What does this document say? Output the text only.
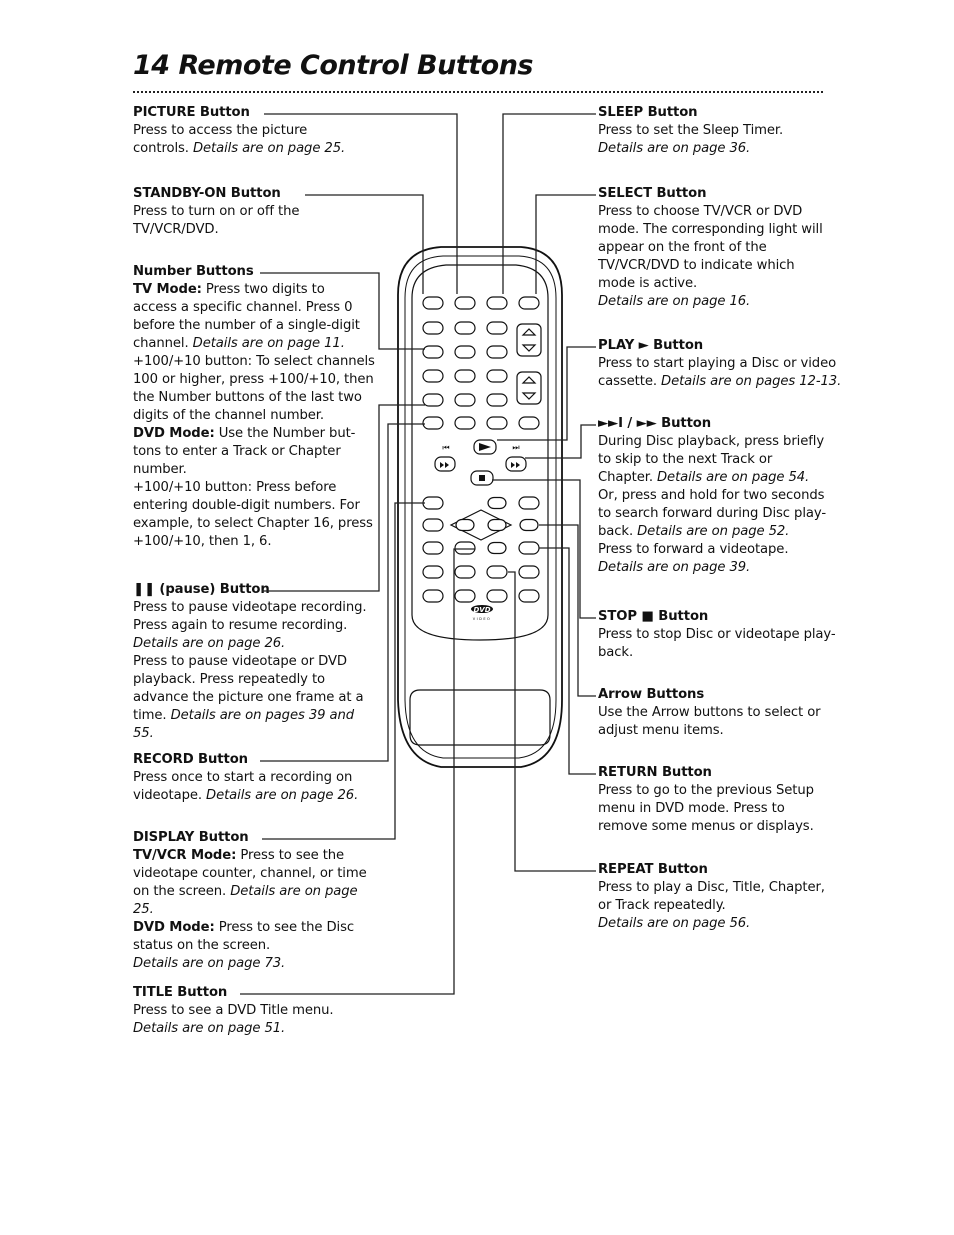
14 Remote Control Buttons

PICTURE Button

Press to access the picture

controls. Details are on page 25.

STANDBY-ON Button

Press to turn on or off the

TV/VCR/DVD.

Number Buttons

TV Mode: Press two digits to

access a specific channel. Press 0

before the number of a single-digit

channel. Details are on page 11.

+100/+10 button: To select channels

100 or higher, press +100/+10, then

the Number buttons of the last two

digits of the channel number.

DVD Mode: Use the Number but-

tons to enter a Track or Chapter

number.

+100/+10 button: Press before

entering double-digit numbers. For

example, to select Chapter 16, press

+100/+10, then 1, 6.

❚❚ (pause) Button

Press to pause videotape recording.

Press again to resume recording.

Details are on page 26.

Press to pause videotape or DVD

playback. Press repeatedly to

advance the picture one frame at a

time. Details are on pages 39 and 55.

RECORD Button

Press once to start a recording on

videotape. Details are on page 26.

DISPLAY Button

TV/VCR Mode: Press to see the

videotape counter, channel, or time

on the screen. Details are on page 25.

DVD Mode: Press to see the Disc

status on the screen.

Details are on page 73.

TITLE Button

Press to see a DVD Title menu.

Details are on page 51.

SLEEP Button

Press to set the Sleep Timer.

Details are on page 36.

SELECT Button

Press to choose TV/VCR or DVD

mode. The corresponding light will

appear on the front of the

TV/VCR/DVD to indicate which

mode is active.

Details are on page 16.

PLAY ► Button

Press to start playing a Disc or video

cassette. Details are on pages 12-13.

►►I / ►► Button

During Disc playback, press briefly

to skip to the next Track or

Chapter. Details are on page 54.

Or, press and hold for two seconds

to search forward during Disc play-

back. Details are on page 52.

Press to forward a videotape.

Details are on page 39.

STOP ■ Button

Press to stop Disc or videotape play-

back.

Arrow Buttons

Use the Arrow buttons to select or

adjust menu items.

RETURN Button

Press to go to the previous Setup

menu in DVD mode. Press to

remove some menus or displays.

REPEAT Button

Press to play a Disc, Title, Chapter,

or Track repeatedly.

Details are on page 56.

⏮	⏭
DVD
VIDEO
